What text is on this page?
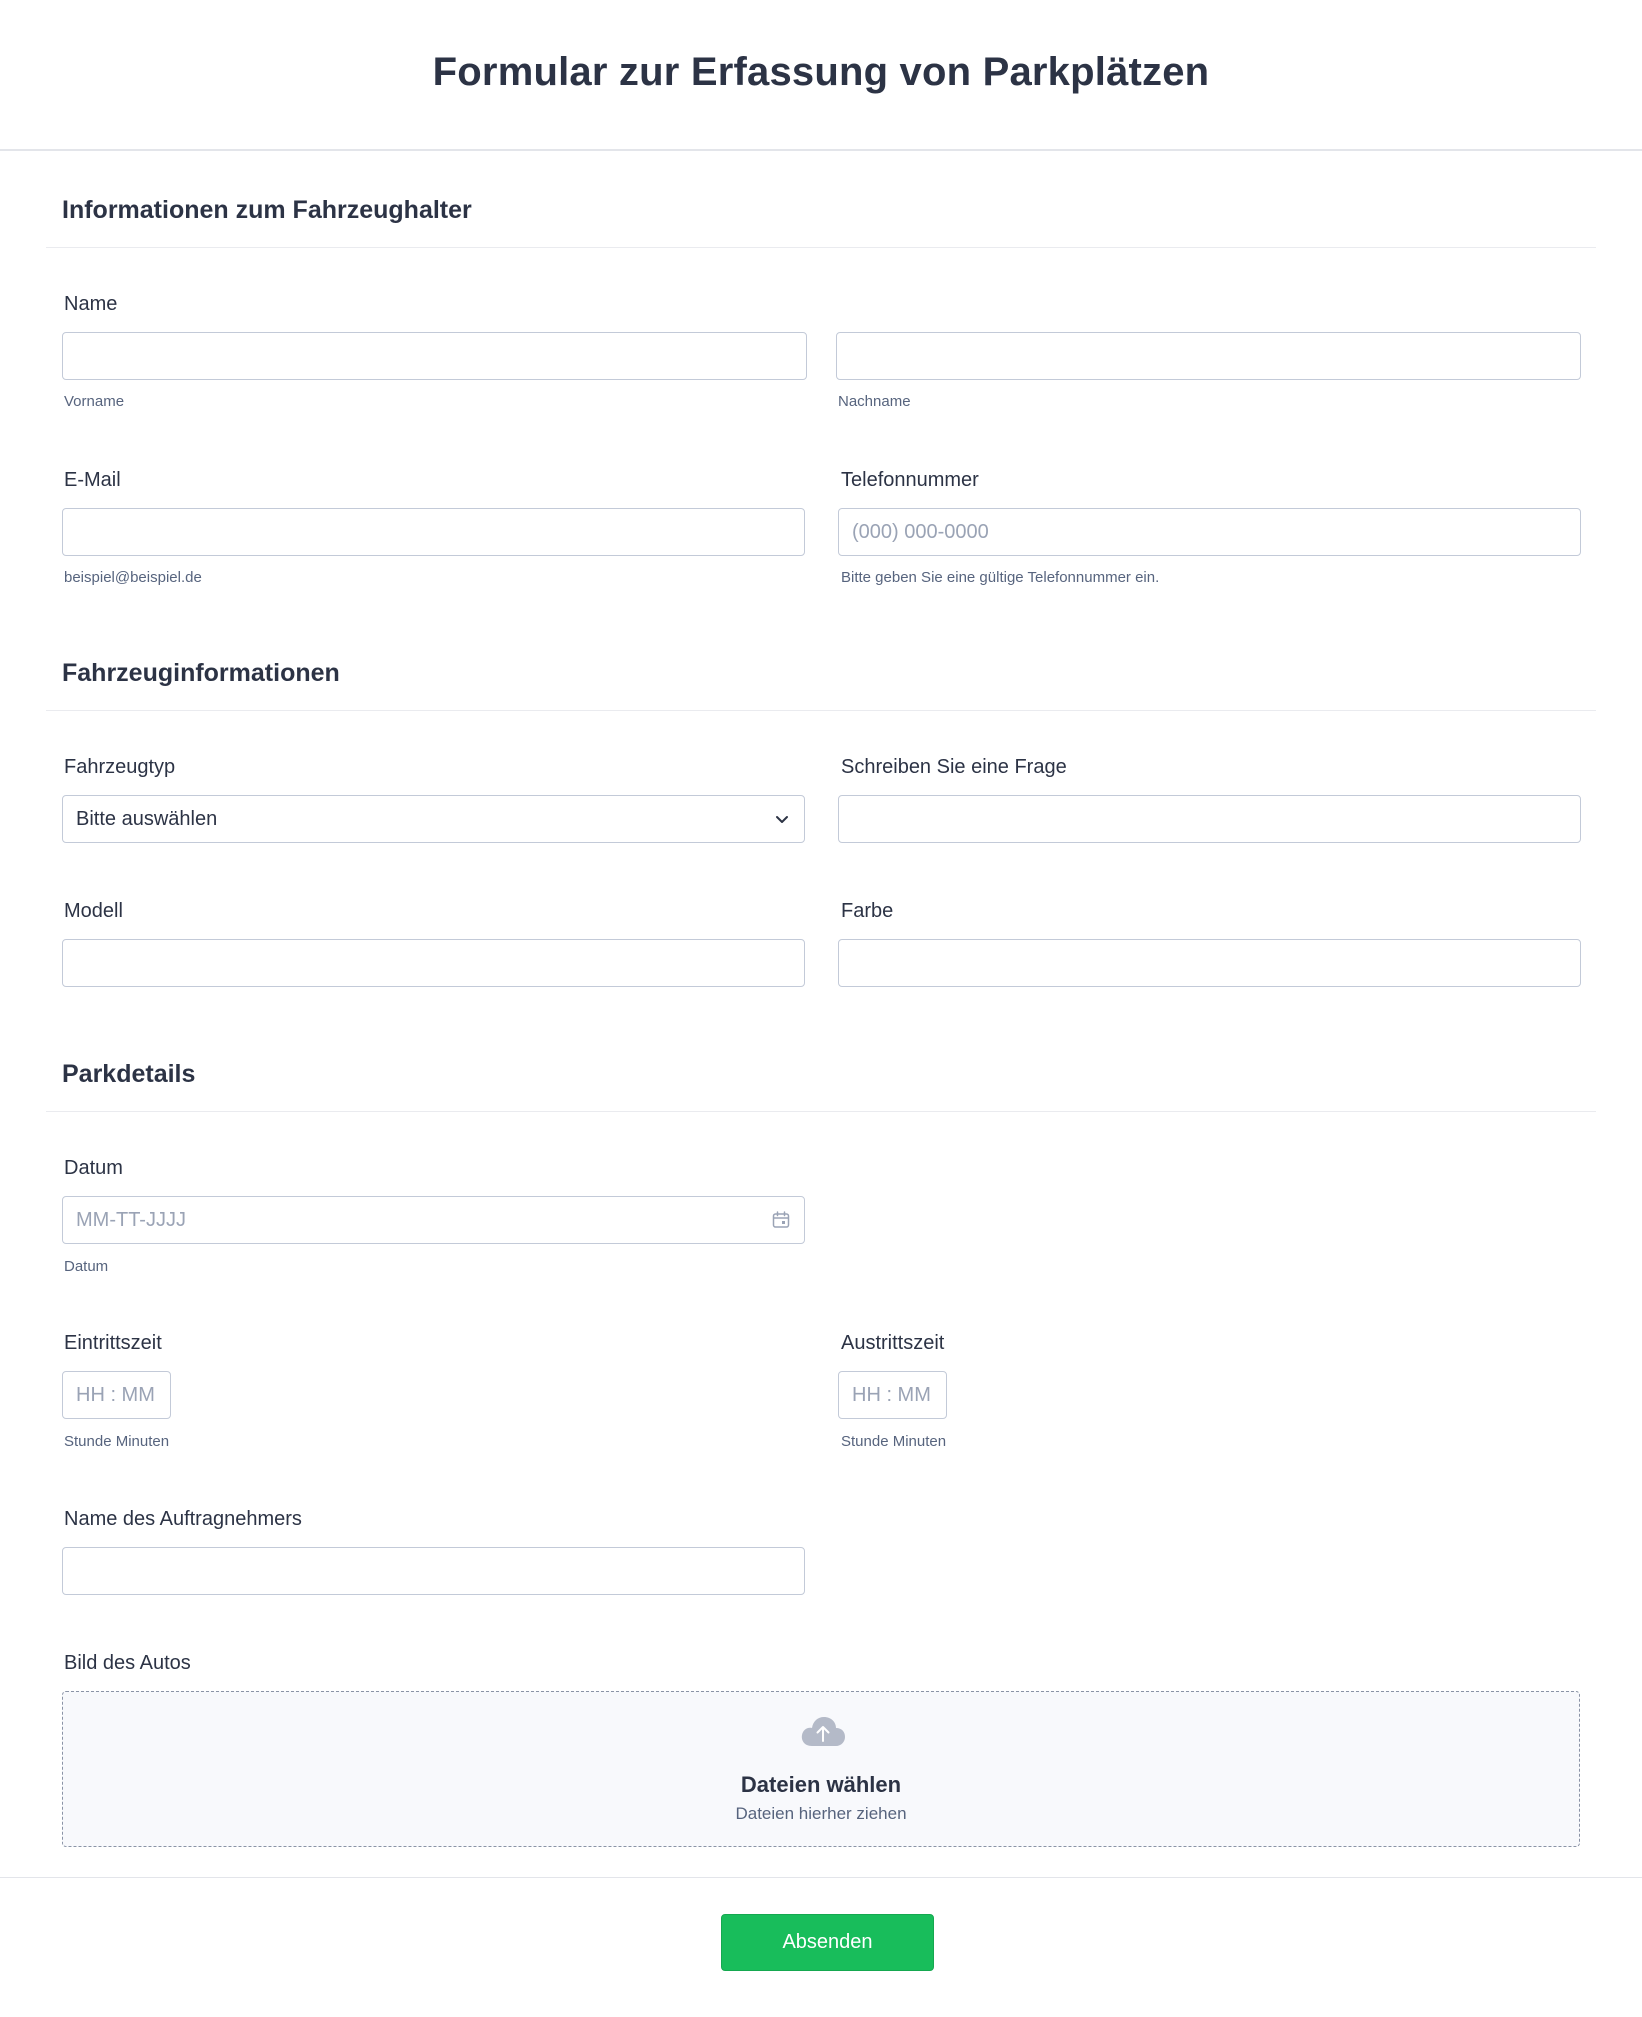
Formular zur Erfassung von Parkplätzen
Informationen zum Fahrzeughalter
Name
Vorname	Nachname
E-Mail
beispiel@beispiel.de
Telefonnummer
(000) 000-0000
Bitte geben Sie eine gültige Telefonnummer ein.
Fahrzeuginformationen
Fahrzeugtyp
Bitte auswählen
Schreiben Sie eine Frage
Modell	Farbe
Parkdetails
Datum
MM-TT-JJJJ
Datum
Eintrittszeit
HH : MM
Stunde Minuten
Austrittszeit
HH : MM
Stunde Minuten
Name des Auftragnehmers
Bild des Autos
Dateien wählen
Dateien hierher ziehen
Absenden
